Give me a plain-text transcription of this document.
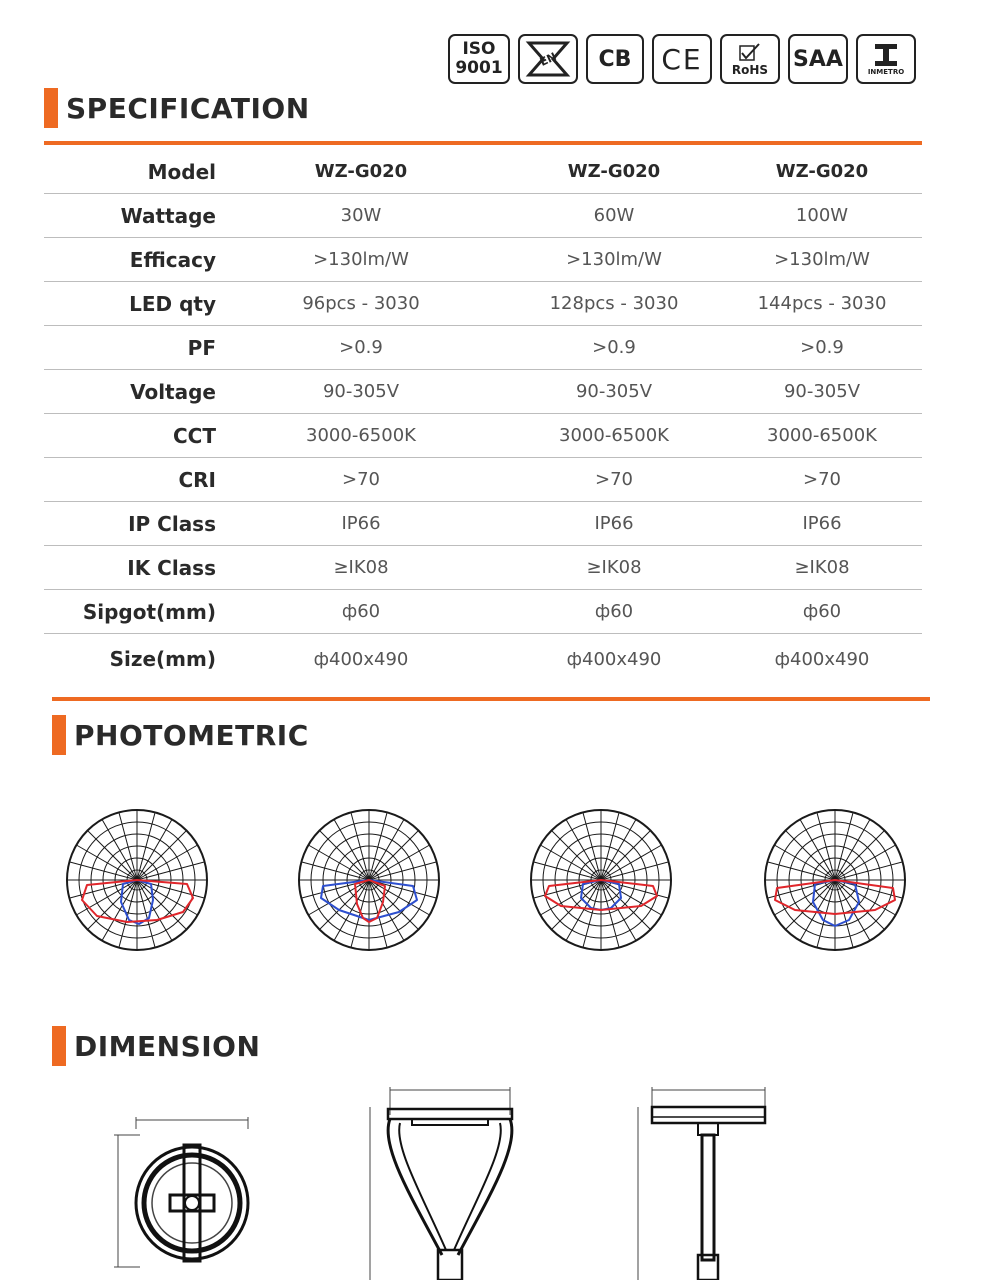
ISO
9001	EN CB CE RoHS SAA
INMETRO
SPECIFICATION
Model	WZ-G020	WZ-G020	WZ-G020
Wattage	30W	60W	100W
Efficacy	>130lm/W	>130lm/W	>130lm/W
LED qty	96pcs - 3030	128pcs - 3030	144pcs - 3030
PF	>0.9	>0.9	>0.9
Voltage	90-305V	90-305V	90-305V
CCT	3000-6500K	3000-6500K	3000-6500K
CRI	>70	>70	>70
IP Class	IP66	IP66	IP66
IK Class	≥IK08	≥IK08	≥IK08
Sipgot(mm)	ф60	ф60	ф60
Size(mm)	ф400x490	ф400x490	ф400x490
PHOTOMETRIC
DIMENSION
